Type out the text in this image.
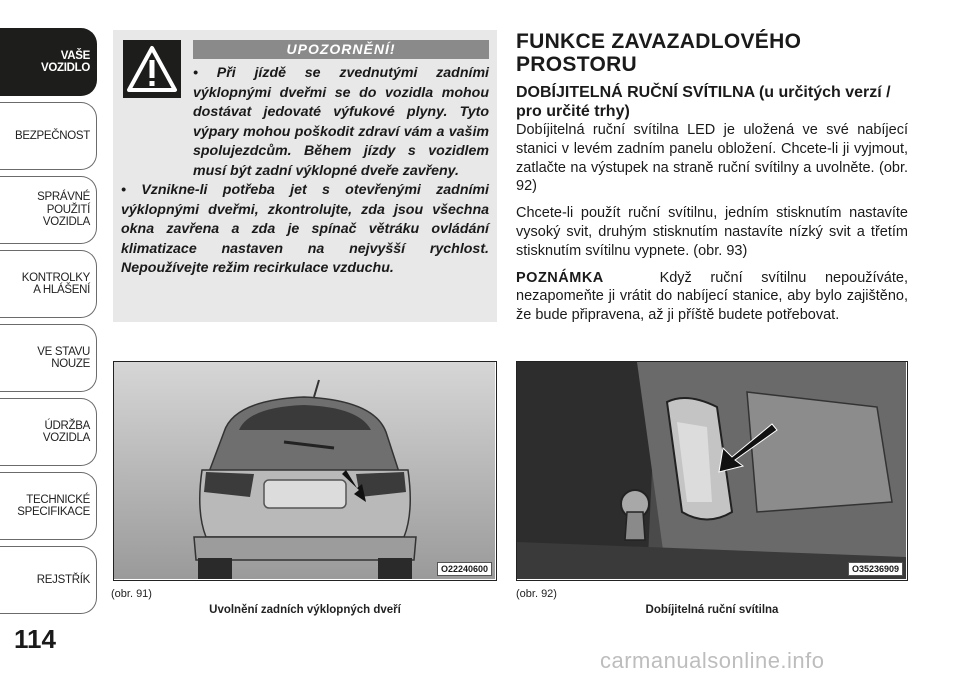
VAŠE
VOZIDLO
BEZPEČNOST
SPRÁVNÉ
POUŽITÍ
VOZIDLA
KONTROLKY
A HLÁŠENÍ
VE STAVU
NOUZE
ÚDRŽBA
VOZIDLA
TECHNICKÉ
SPECIFIKACE
REJSTŘÍK
114
UPOZORNĚNÍ!

• Při jízdě se zvednutými zadními výklopnými dveřmi se do vozidla mohou dostávat jedovaté výfukové plyny. Tyto výpary mohou poškodit zdraví vám a vašim spolujezdcům. Během jízdy s vozidlem musí být zadní výklopné dveře zavřeny.

• Vznikne-li potřeba jet s otevřenými zadními výklopnými dveřmi, zkontrolujte, zda jsou všechna okna zavřena a zda je spínač větráku ovládání klimatizace nastaven na nejvyšší rychlost. Nepoužívejte režim recirkulace vzduchu.

FUNKCE ZAVAZADLOVÉHO PROSTORU
DOBÍJITELNÁ RUČNÍ SVÍTILNA (u určitých verzí / pro určité trhy)

Dobíjitelná ruční svítilna LED je uložená ve své nabíjecí stanici v levém zadním panelu obložení. Chcete-li ji vyjmout, zatlačte na výstupek na straně ruční svítilny a uvolněte. (obr. 92)

Chcete-li použít ruční svítilnu, jedním stisknutím nastavíte vysoký svit, druhým stisknutím nastavíte nízký svit a třetím stisknutím svítilnu vypnete. (obr. 93)

POZNÁMKA	Když ruční svítilnu nepoužíváte, nezapomeňte ji vrátit do nabíjecí stanice, aby bylo zajištěno, že bude připravena, až ji příště budete potřebovat.

O22240600	O35236909
(obr. 91)
Uvolnění zadních výklopných dveří
(obr. 92)
Dobíjitelná ruční svítilna
carmanualsonline.info
